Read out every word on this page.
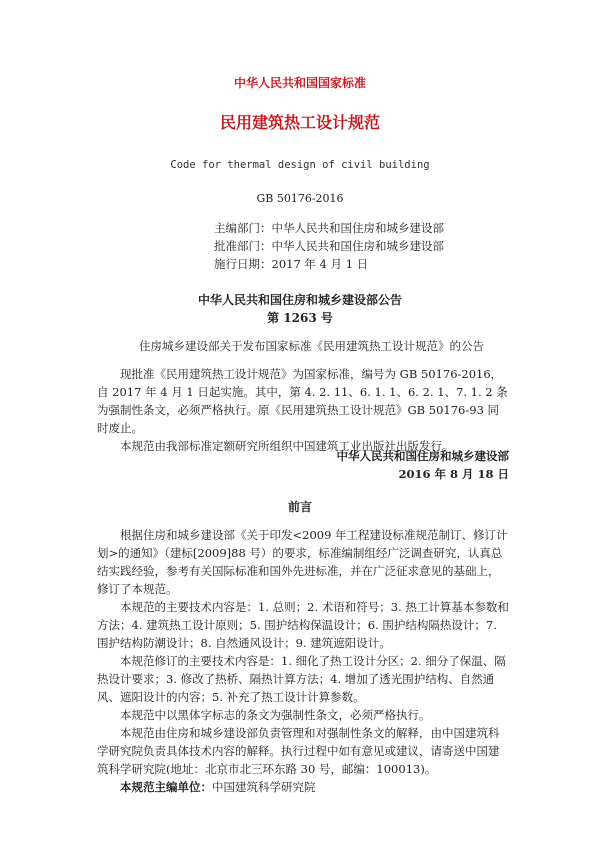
中华人民共和国国家标准
民用建筑热工设计规范
Code for thermal design of civil building
GB 50176-2016
主编部门：中华人民共和国住房和城乡建设部
批准部门：中华人民共和国住房和城乡建设部
施行日期：2017 年 4 月 1 日
中华人民共和国住房和城乡建设部公告
第 1263 号
住房城乡建设部关于发布国家标准《民用建筑热工设计规范》的公告

现批准《民用建筑热工设计规范》为国家标准，编号为 GB 50176-2016，自 2017 年 4 月 1 日起实施。其中，第 4. 2. 11、6. 1. 1、6. 2. 1、7. 1. 2 条为强制性条文，必须严格执行。原《民用建筑热工设计规范》GB 50176-93 同时废止。

本规范由我部标准定额研究所组织中国建筑工业出版社出版发行。

中华人民共和国住房和城乡建设部
2016 年 8 月 18 日
前言

根据住房和城乡建设部《关于印发<2009 年工程建设标准规范制订、修订计划>的通知》（建标[2009]88 号）的要求，标准编制组经广泛调查研究，认真总结实践经验，参考有关国际标准和国外先进标准，并在广泛征求意见的基础上，修订了本规范。

本规范的主要技术内容是：1. 总则；2. 术语和符号；3. 热工计算基本参数和方法；4. 建筑热工设计原则；5. 围护结构保温设计；6. 围护结构隔热设计；7. 围护结构防潮设计；8. 自然通风设计；9. 建筑遮阳设计。

本规范修订的主要技术内容是：1. 细化了热工设计分区；2. 细分了保温、隔热设计要求；3. 修改了热桥、隔热计算方法；4. 增加了透光围护结构、自然通风、遮阳设计的内容；5. 补充了热工设计计算参数。

本规范中以黑体字标志的条文为强制性条文，必须严格执行。

本规范由住房和城乡建设部负责管理和对强制性条文的解释，由中国建筑科学研究院负责具体技术内容的解释。执行过程中如有意见或建议，请寄送中国建筑科学研究院(地址：北京市北三环东路 30 号，邮编：100013)。

本规范主编单位：中国建筑科学研究院
